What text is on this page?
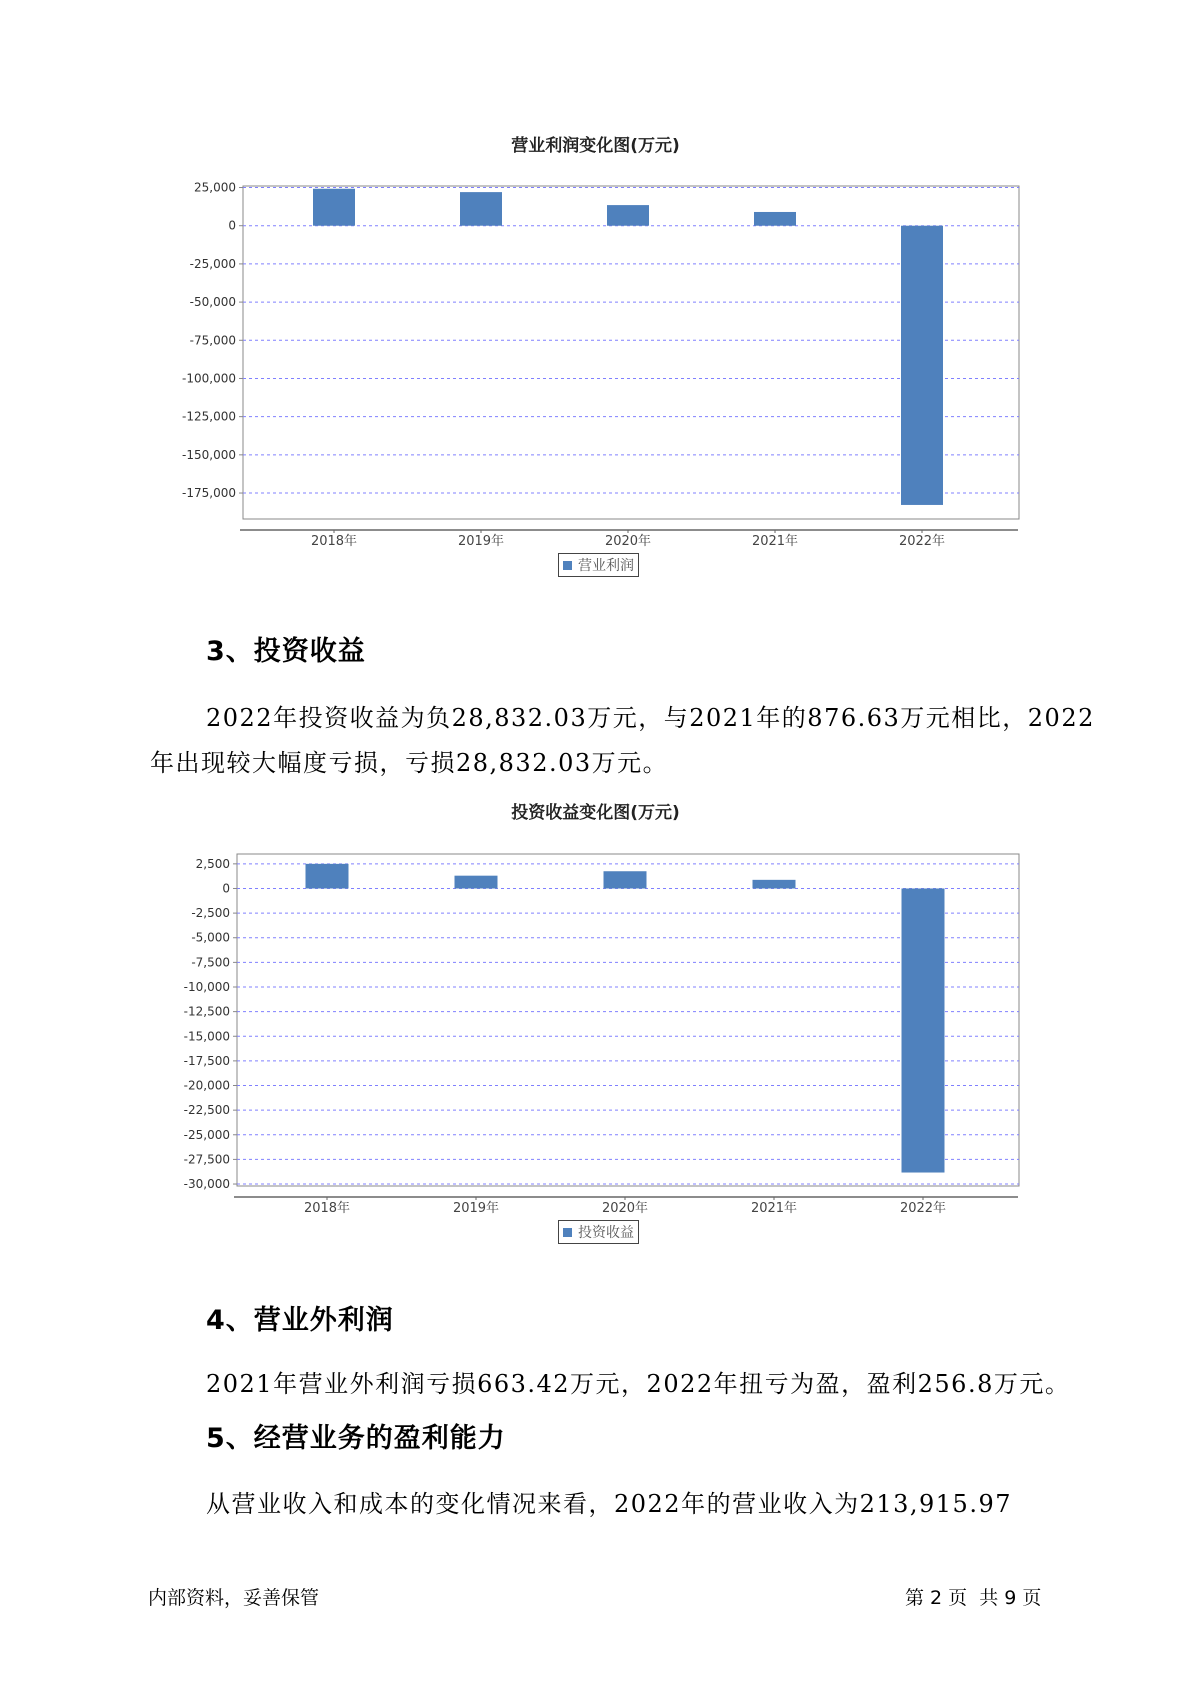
营业利润变化图(万元)
25,000
0
-25,000
-50,000
-75,000
-100,000
-125,000
-150,000
-175,000
2018年	2019年	2020年	2021年	2022年
营业利润
3、投资收益
2022年投资收益为负28,832.03万元，与2021年的876.63万元相比，2022
年出现较大幅度亏损，亏损28,832.03万元。
投资收益变化图(万元)
2,500
0
-2,500
-5,000
-7,500
-10,000
-12,500
-15,000
-17,500
-20,000
-22,500
-25,000
-27,500
-30,000
2018年	2019年	2020年	2021年	2022年
投资收益
4、营业外利润
2021年营业外利润亏损663.42万元，2022年扭亏为盈，盈利256.8万元。
5、经营业务的盈利能力
从营业收入和成本的变化情况来看，2022年的营业收入为213,915.97
内部资料，妥善保管	第 2 页  共 9 页
